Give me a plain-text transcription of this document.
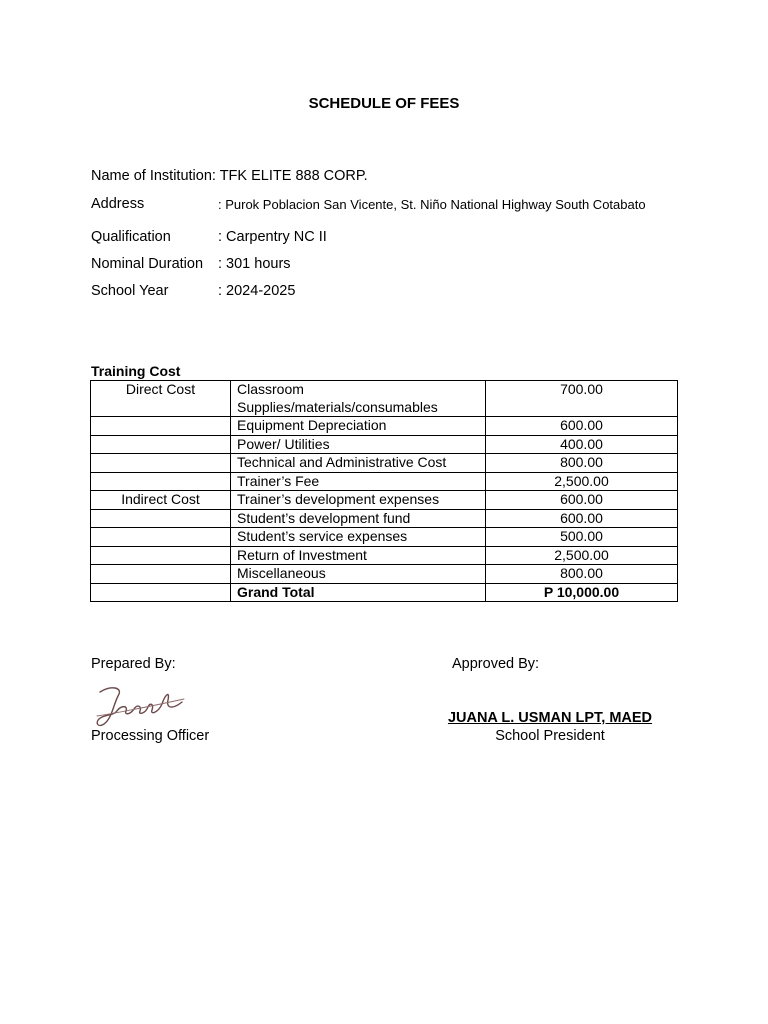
SCHEDULE OF FEES
Name of Institution: TFK ELITE 888 CORP.
Address	: Purok Poblacion San Vicente, St. Niño National Highway South Cotabato
Qualification	: Carpentry NC II
Nominal Duration : 301 hours
School Year	: 2024-2025
Training Cost
Direct Cost	Classroom Supplies/materials/consumables	700.00
	Equipment Depreciation	600.00
	Power/ Utilities	400.00
	Technical and Administrative Cost	800.00
	Trainer’s Fee	2,500.00
Indirect Cost	Trainer’s development expenses	600.00
	Student’s development fund	600.00
	Student’s service expenses	500.00
	Return of Investment	2,500.00
	Miscellaneous	800.00
	Grand Total	P 10,000.00
Prepared By:
Processing Officer
Approved By:
JUANA L. USMAN LPT, MAED
School President
